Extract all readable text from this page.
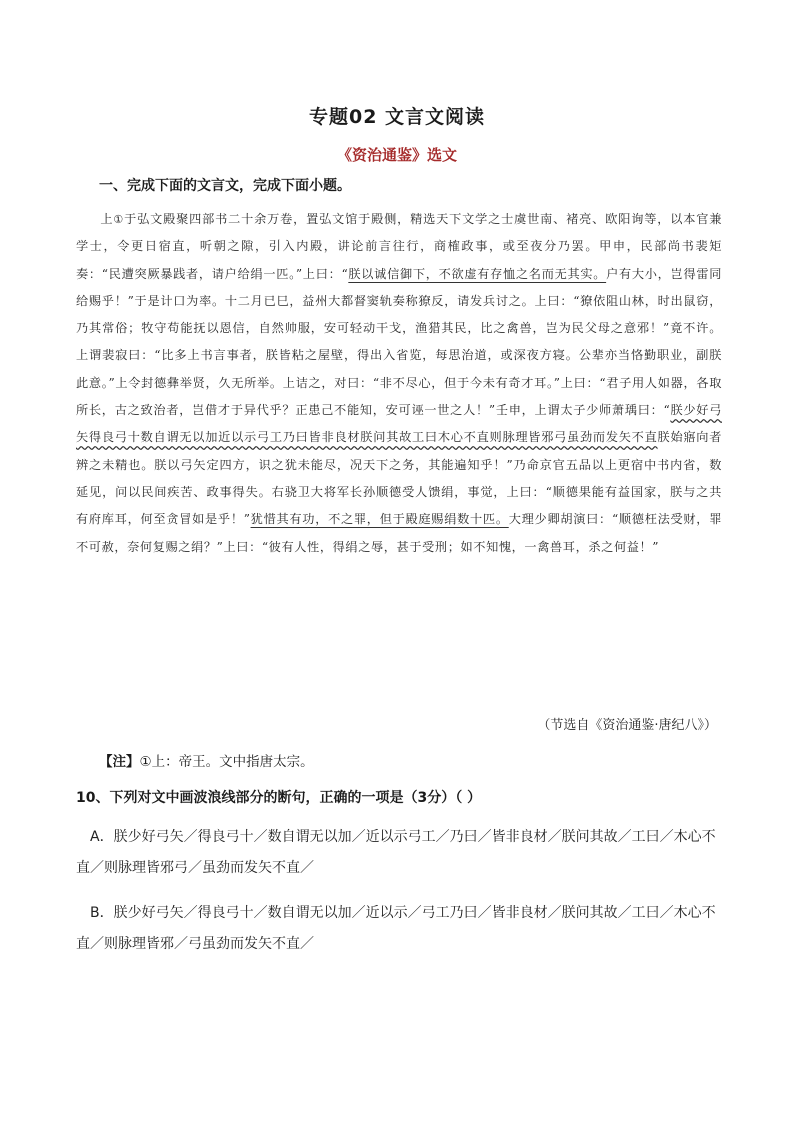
专题02 文言文阅读
《资治通鉴》选文
一、完成下面的文言文，完成下面小题。
上①于弘文殿聚四部书二十余万卷，置弘文馆于殿侧，精选天下文学之士虞世南、褚亮、欧阳询等，以本官兼学士，令更日宿直，听朝之隙，引入内殿，讲论前言往行，商榷政事，或至夜分乃罢。甲申，民部尚书裴矩奏：“民遭突厥暴践者，请户给绢一匹。”上曰：“朕以诚信御下，不欲虚有存恤之名而无其实。户有大小，岂得雷同给赐乎！”于是计口为率。十二月已巳，益州大都督窦轨奏称獠反，请发兵讨之。上曰：“獠依阻山林，时出鼠窃，乃其常俗；牧守苟能抚以恩信，自然帅服，安可轻动干戈，渔猎其民，比之禽兽，岂为民父母之意邪！”竟不许。上谓裴寂曰：“比多上书言事者，朕皆粘之屋壁，得出入省览，每思治道，或深夜方寝。公辈亦当恪勤职业，副朕此意。”上令封德彝举贤，久无所举。上诘之，对曰：“非不尽心，但于今未有奇才耳。”上曰：“君子用人如器，各取所长，古之致治者，岂借才于异代乎？正患己不能知，安可诬一世之人！”壬申，上谓太子少师萧瑀曰：“朕少好弓矢得良弓十数自谓无以加近以示弓工乃曰皆非良材朕问其故工曰木心不直则脉理皆邪弓虽劲而发矢不直朕始寤向者辨之未精也。朕以弓矢定四方，识之犹未能尽，况天下之务，其能遍知乎！”乃命京官五品以上更宿中书内省，数延见，问以民间疾苦、政事得失。右骁卫大将军长孙顺德受人馈绢，事觉，上曰：“顺德果能有益国家，朕与之共有府库耳，何至贪冒如是乎！”犹惜其有功，不之罪，但于殿庭赐绢数十匹。大理少卿胡演曰：“顺德枉法受财，罪不可赦，奈何复赐之绢？”上曰：“彼有人性，得绢之辱，甚于受刑；如不知愧，一禽兽耳，杀之何益！”
（节选自《资治通鉴·唐纪八》）
【注】①上：帝王。文中指唐太宗。
10、下列对文中画波浪线部分的断句，正确的一项是（3分）（ ）
A．朕少好弓矢／得良弓十／数自谓无以加／近以示弓工／乃曰／皆非良材／朕问其故／工曰／木心不直／则脉理皆邪弓／虽劲而发矢不直／
B．朕少好弓矢／得良弓十／数自谓无以加／近以示／弓工乃曰／皆非良材／朕问其故／工曰／木心不直／则脉理皆邪／弓虽劲而发矢不直／
